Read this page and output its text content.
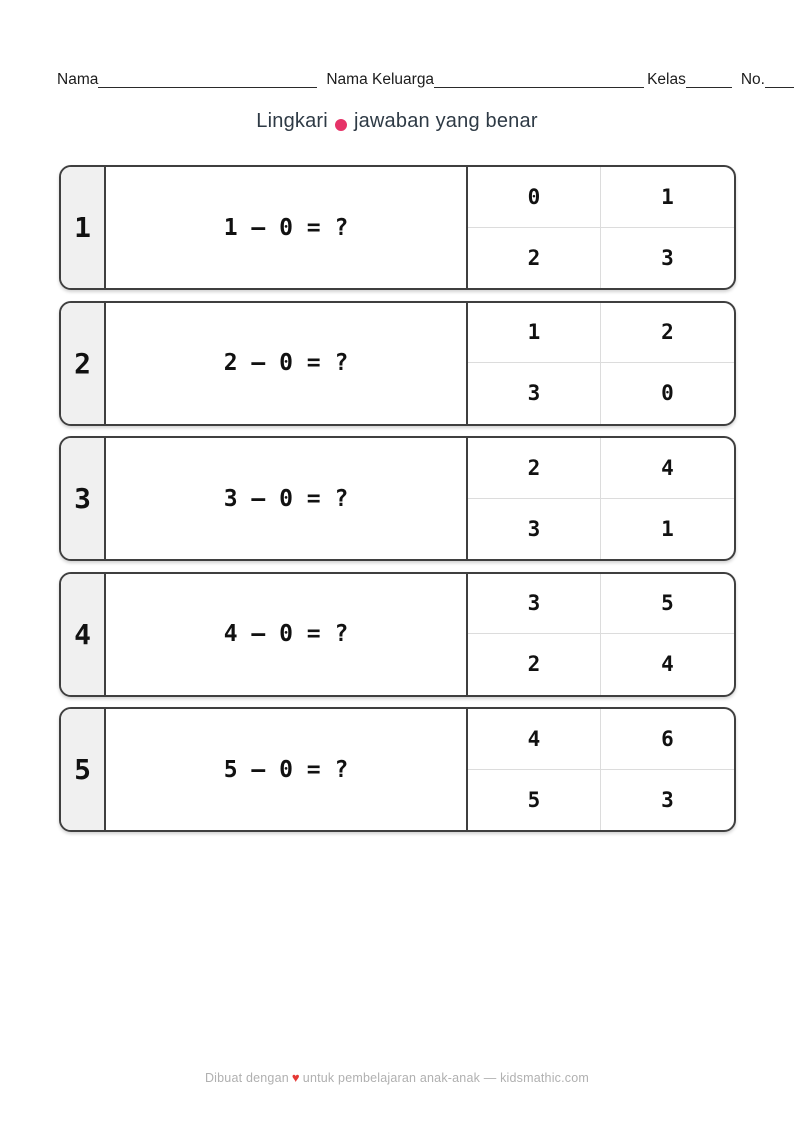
Nama	Nama Keluarga	Kelas	No.
Lingkari jawaban yang benar
1	1 – 0 = ?
0	1
2	3
2	2 – 0 = ?
1	2
3	0
3	3 – 0 = ?
2	4
3	1
4	4 – 0 = ?
3	5
2	4
5	5 – 0 = ?
4	6
5	3
Dibuat dengan ♥ untuk pembelajaran anak-anak — kidsmathic.com
